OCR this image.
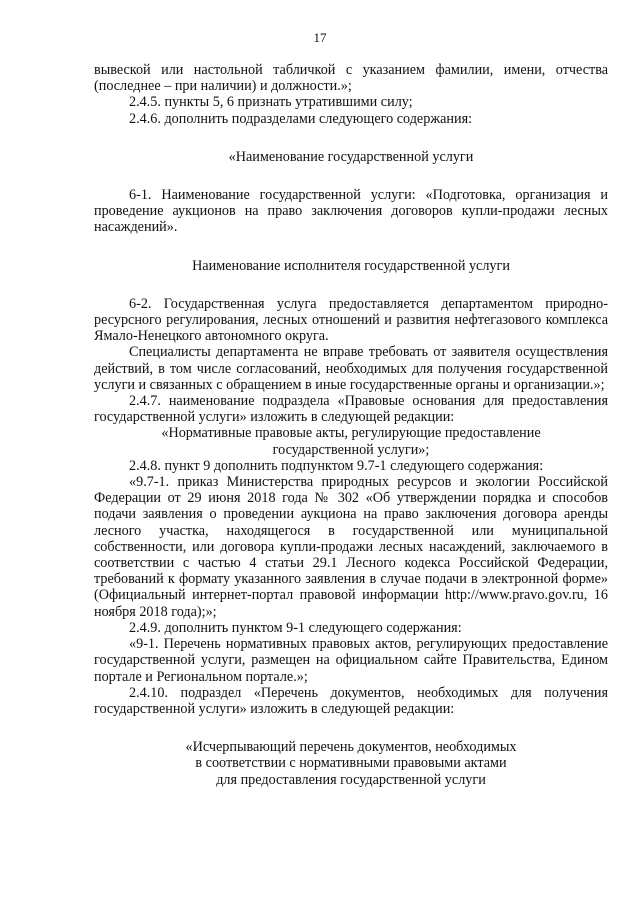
17

вывеской или настольной табличкой с указанием фамилии, имени, отчества (последнее – при наличии) и должности.»;

2.4.5. пункты 5, 6 признать утратившими силу;

2.4.6. дополнить подразделами следующего содержания:

«Наименование государственной услуги

6-1. Наименование государственной услуги: «Подготовка, организация и проведение аукционов на право заключения договоров купли-продажи лесных насаждений».

Наименование исполнителя государственной услуги

6-2. Государственная услуга предоставляется департаментом природно-ресурсного регулирования, лесных отношений и развития нефтегазового комплекса Ямало-Ненецкого автономного округа.

Специалисты департамента не вправе требовать от заявителя осуществления действий, в том числе согласований, необходимых для получения государственной услуги и связанных с обращением в иные государственные органы и организации.»;

2.4.7. наименование подраздела «Правовые основания для предоставления государственной услуги» изложить в следующей редакции:

«Нормативные правовые акты, регулирующие предоставление

государственной услуги»;

2.4.8. пункт 9 дополнить подпунктом 9.7-1 следующего содержания:

«9.7-1. приказ Министерства природных ресурсов и экологии Российской Федерации от 29 июня 2018 года № 302 «Об утверждении порядка и способов подачи заявления о проведении аукциона на право заключения договора аренды лесного участка, находящегося в государственной или муниципальной собственности, или договора купли-продажи лесных насаждений, заключаемого в соответствии с частью 4 статьи 29.1 Лесного кодекса Российской Федерации, требований к формату указанного заявления в случае подачи в электронной форме» (Официальный интернет-портал правовой информации http://www.pravo.gov.ru, 16 ноября 2018 года);»;

2.4.9. дополнить пунктом 9-1 следующего содержания:

«9-1. Перечень нормативных правовых актов, регулирующих предоставление государственной услуги, размещен на официальном сайте Правительства, Едином портале и Региональном портале.»;

2.4.10. подраздел «Перечень документов, необходимых для получения государственной услуги» изложить в следующей редакции:

«Исчерпывающий перечень документов, необходимых

в соответствии с нормативными правовыми актами

для предоставления государственной услуги
